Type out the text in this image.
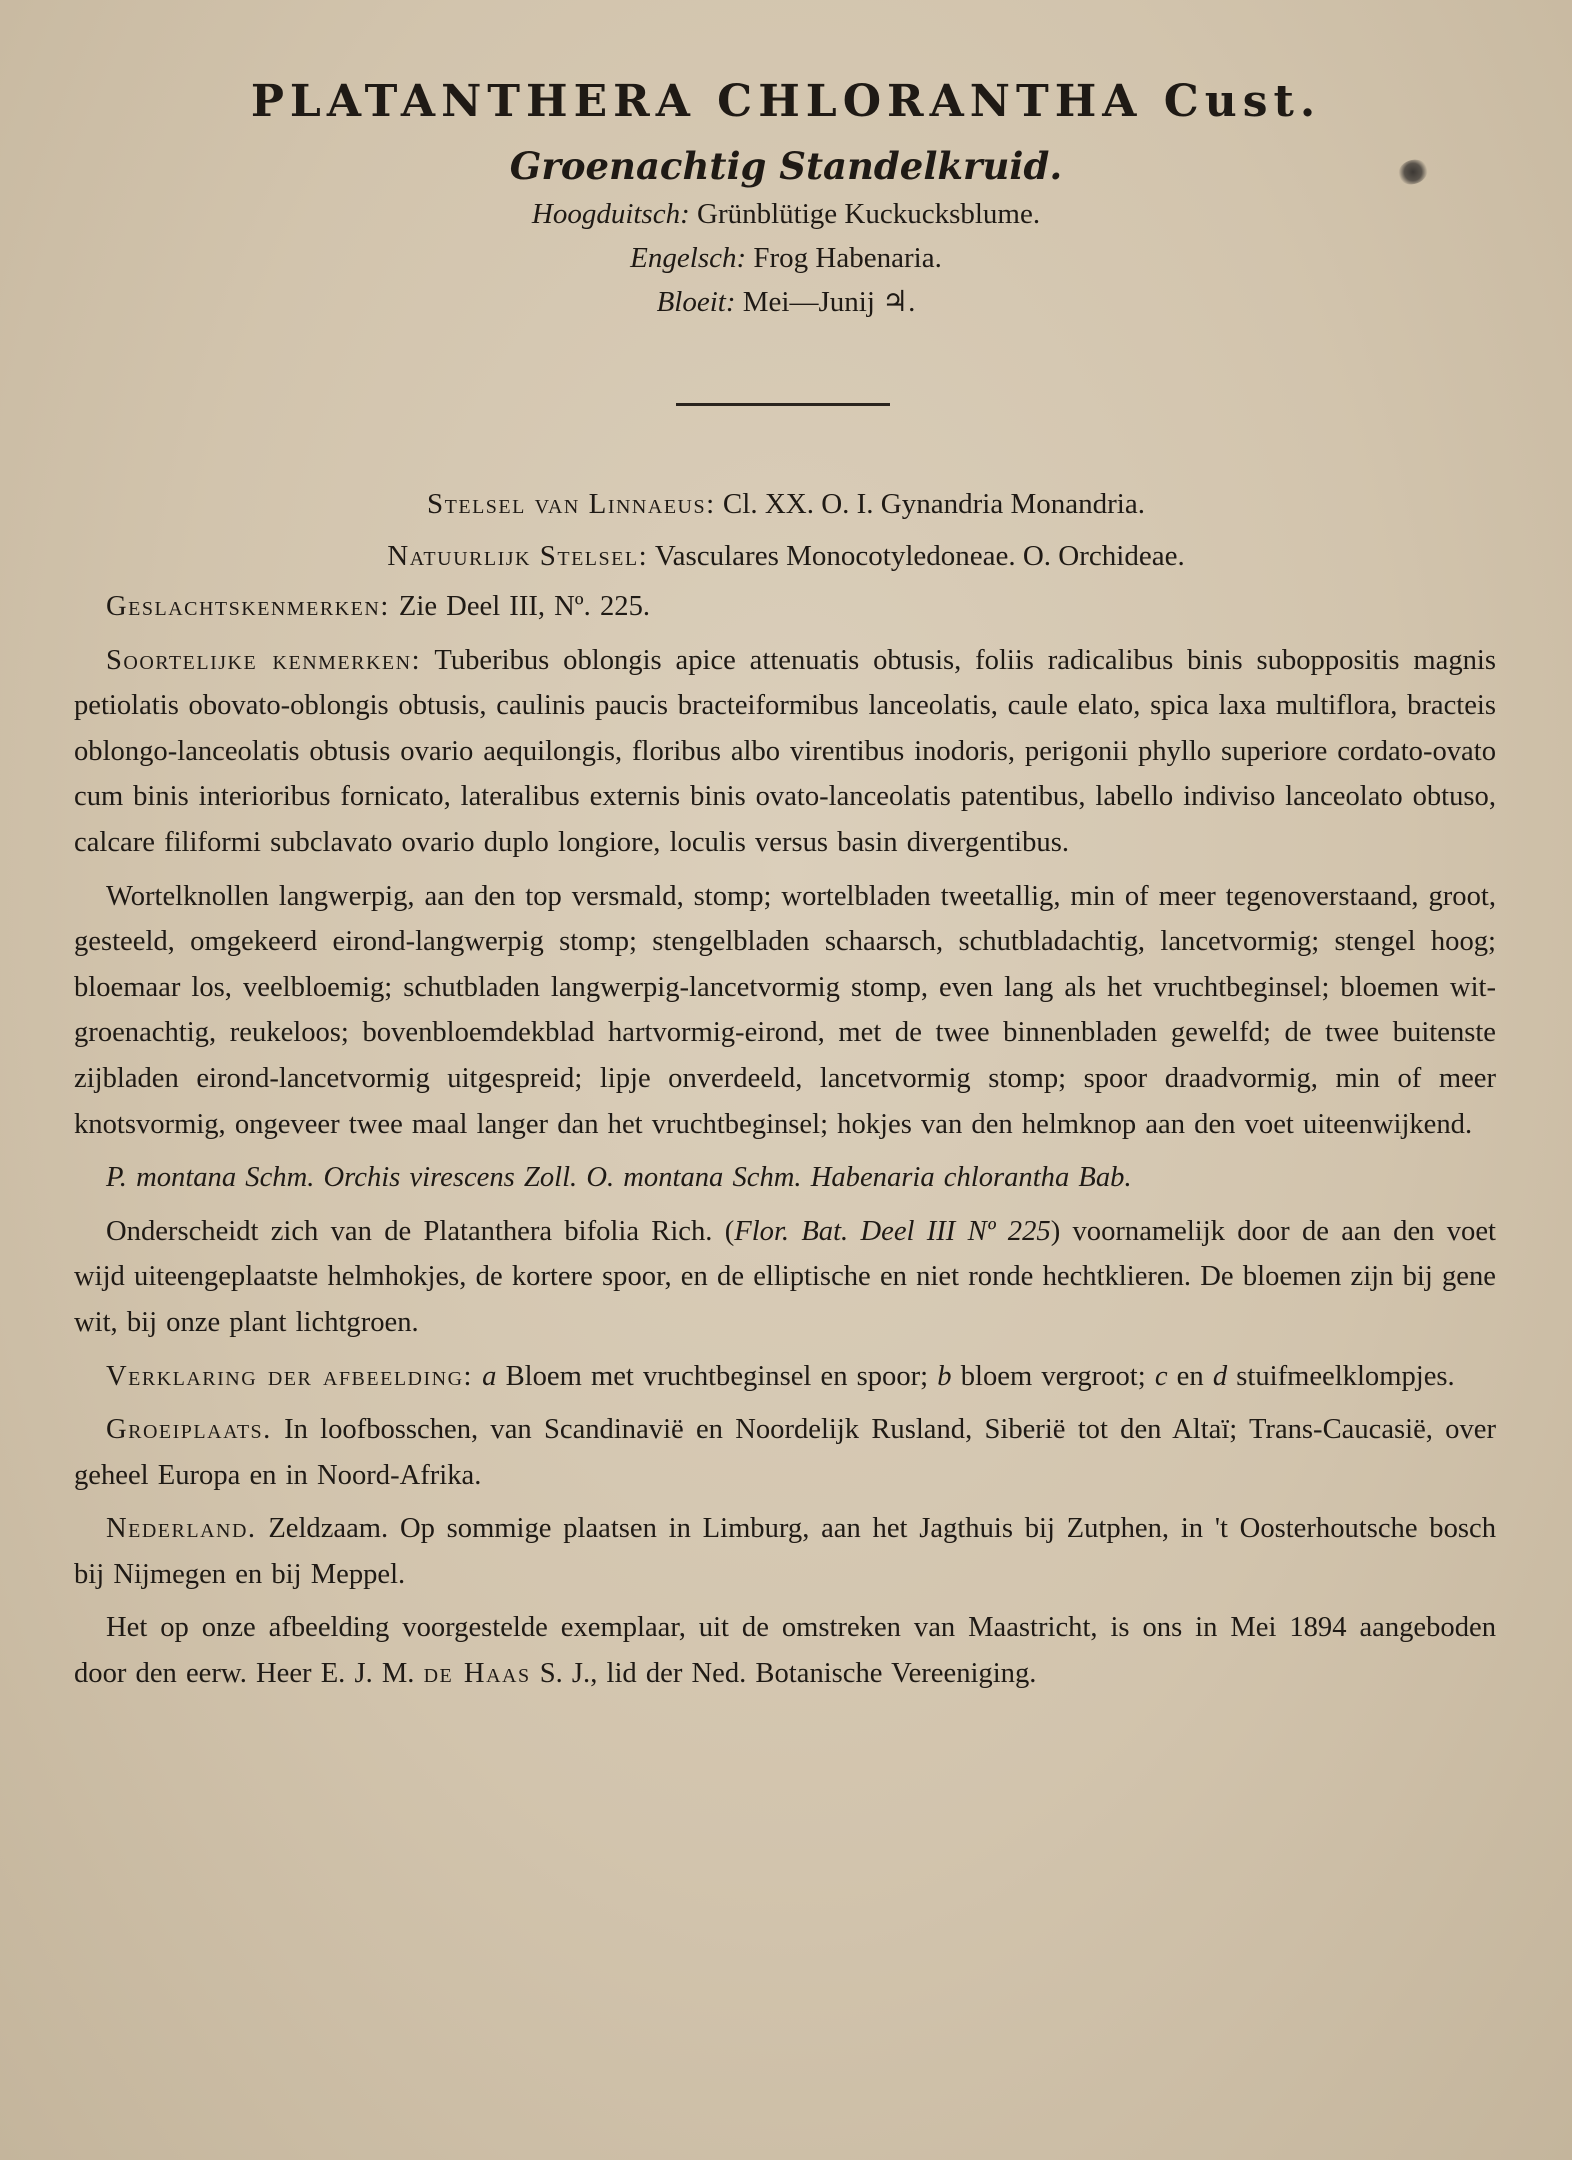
PLATANTHERA CHLORANTHA Cust.
Groenachtig Standelkruid.

Hoogduitsch: Grünblütige Kuckucksblume.

Engelsch: Frog Habenaria.

Bloeit: Mei—Junij ♃.

Stelsel van Linnaeus: Cl. XX. O. I. Gynandria Monandria.
Natuurlijk Stelsel: Vasculares Monocotyledoneae. O. Orchideae.

Geslachtskenmerken: Zie Deel III, Nº. 225.

Soortelijke kenmerken: Tuberibus oblongis apice attenuatis obtusis, foliis radicalibus binis suboppositis magnis petiolatis obovato-oblongis obtusis, caulinis paucis bracteiformibus lanceolatis, caule elato, spica laxa multiflora, bracteis oblongo-lanceolatis obtusis ovario aequilongis, floribus albo virentibus inodoris, perigonii phyllo superiore cordato-ovato cum binis interioribus fornicato, lateralibus externis binis ovato-lanceolatis patentibus, labello indiviso lanceolato obtuso, calcare filiformi subclavato ovario duplo longiore, loculis versus basin divergentibus.

Wortelknollen langwerpig, aan den top versmald, stomp; wortelbladen tweetallig, min of meer tegenoverstaand, groot, gesteeld, omgekeerd eirond-langwerpig stomp; stengelbladen schaarsch, schutbladachtig, lancetvormig; stengel hoog; bloemaar los, veelbloemig; schutbladen langwerpig-lancetvormig stomp, even lang als het vruchtbeginsel; bloemen wit-groenachtig, reukeloos; bovenbloemdekblad hartvormig-eirond, met de twee binnenbladen gewelfd; de twee buitenste zijbladen eirond-lancetvormig uitgespreid; lipje onverdeeld, lancetvormig stomp; spoor draadvormig, min of meer knotsvormig, ongeveer twee maal langer dan het vruchtbeginsel; hokjes van den helmknop aan den voet uiteenwijkend.

P. montana Schm. Orchis virescens Zoll. O. montana Schm. Habenaria chlorantha Bab.

Onderscheidt zich van de Platanthera bifolia Rich. (Flor. Bat. Deel III Nº 225) voornamelijk door de aan den voet wijd uiteengeplaatste helmhokjes, de kortere spoor, en de elliptische en niet ronde hechtklieren. De bloemen zijn bij gene wit, bij onze plant lichtgroen.

Verklaring der afbeelding: a Bloem met vruchtbeginsel en spoor; b bloem vergroot; c en d stuifmeelklompjes.

Groeiplaats. In loofbosschen, van Scandinavië en Noordelijk Rusland, Siberië tot den Altaï; Trans-Caucasië, over geheel Europa en in Noord-Afrika.

Nederland. Zeldzaam. Op sommige plaatsen in Limburg, aan het Jagthuis bij Zutphen, in 't Oosterhoutsche bosch bij Nijmegen en bij Meppel.

Het op onze afbeelding voorgestelde exemplaar, uit de omstreken van Maastricht, is ons in Mei 1894 aangeboden door den eerw. Heer E. J. M. de Haas S. J., lid der Ned. Botanische Vereeniging.
